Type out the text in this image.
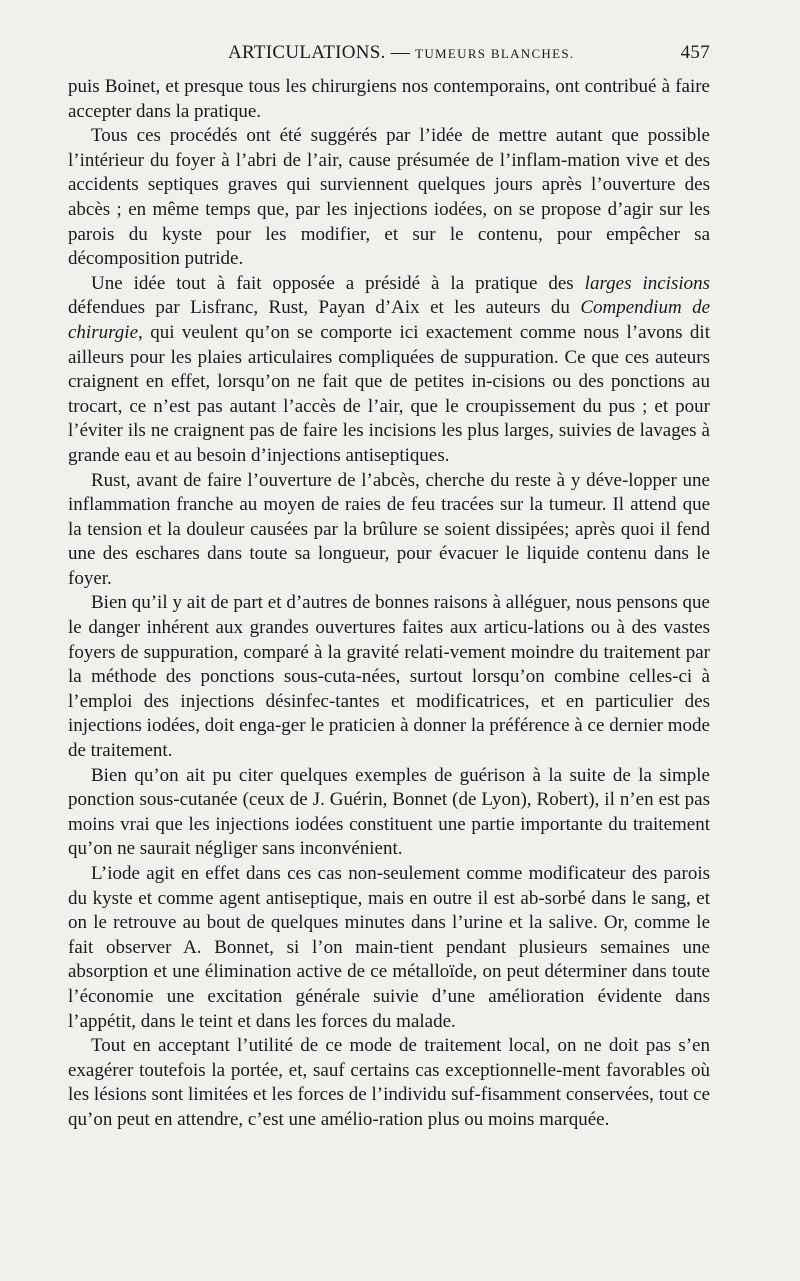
ARTICULATIONS. — TUMEURS BLANCHES.	457

puis Boinet, et presque tous les chirurgiens nos contemporains, ont contribué à faire accepter dans la pratique.

Tous ces procédés ont été suggérés par l’idée de mettre autant que possible l’intérieur du foyer à l’abri de l’air, cause présumée de l’inflam-mation vive et des accidents septiques graves qui surviennent quelques jours après l’ouverture des abcès ; en même temps que, par les injections iodées, on se propose d’agir sur les parois du kyste pour les modifier, et sur le contenu, pour empêcher sa décomposition putride.

Une idée tout à fait opposée a présidé à la pratique des larges incisions défendues par Lisfranc, Rust, Payan d’Aix et les auteurs du Compendium de chirurgie, qui veulent qu’on se comporte ici exactement comme nous l’avons dit ailleurs pour les plaies articulaires compliquées de suppuration. Ce que ces auteurs craignent en effet, lorsqu’on ne fait que de petites in-cisions ou des ponctions au trocart, ce n’est pas autant l’accès de l’air, que le croupissement du pus ; et pour l’éviter ils ne craignent pas de faire les incisions les plus larges, suivies de lavages à grande eau et au besoin d’injections antiseptiques.

Rust, avant de faire l’ouverture de l’abcès, cherche du reste à y déve-lopper une inflammation franche au moyen de raies de feu tracées sur la tumeur. Il attend que la tension et la douleur causées par la brûlure se soient dissipées; après quoi il fend une des eschares dans toute sa longueur, pour évacuer le liquide contenu dans le foyer.

Bien qu’il y ait de part et d’autres de bonnes raisons à alléguer, nous pensons que le danger inhérent aux grandes ouvertures faites aux articu-lations ou à des vastes foyers de suppuration, comparé à la gravité relati-vement moindre du traitement par la méthode des ponctions sous-cuta-nées, surtout lorsqu’on combine celles-ci à l’emploi des injections désinfec-tantes et modificatrices, et en particulier des injections iodées, doit enga-ger le praticien à donner la préférence à ce dernier mode de traitement.

Bien qu’on ait pu citer quelques exemples de guérison à la suite de la simple ponction sous-cutanée (ceux de J. Guérin, Bonnet (de Lyon), Robert), il n’en est pas moins vrai que les injections iodées constituent une partie importante du traitement qu’on ne saurait négliger sans inconvénient.

L’iode agit en effet dans ces cas non-seulement comme modificateur des parois du kyste et comme agent antiseptique, mais en outre il est ab-sorbé dans le sang, et on le retrouve au bout de quelques minutes dans l’urine et la salive. Or, comme le fait observer A. Bonnet, si l’on main-tient pendant plusieurs semaines une absorption et une élimination active de ce métalloïde, on peut déterminer dans toute l’économie une excitation générale suivie d’une amélioration évidente dans l’appétit, dans le teint et dans les forces du malade.

Tout en acceptant l’utilité de ce mode de traitement local, on ne doit pas s’en exagérer toutefois la portée, et, sauf certains cas exceptionnelle-ment favorables où les lésions sont limitées et les forces de l’individu suf-fisamment conservées, tout ce qu’on peut en attendre, c’est une amélio-ration plus ou moins marquée.
